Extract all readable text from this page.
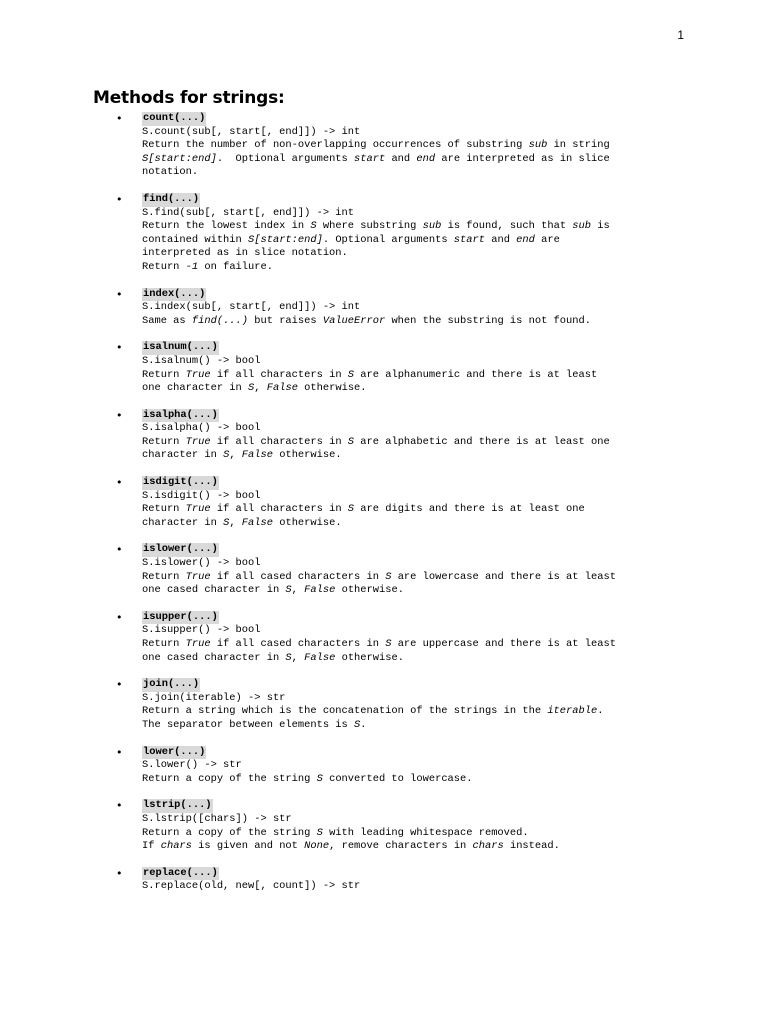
1
Methods for strings:
• count(...)
S.count(sub[, start[, end]]) -> int
Return the number of non-overlapping occurrences of substring sub in string
S[start:end].  Optional arguments start and end are interpreted as in slice
notation.
• find(...)
S.find(sub[, start[, end]]) -> int
Return the lowest index in S where substring sub is found, such that sub is
contained within S[start:end]. Optional arguments start and end are
interpreted as in slice notation.
Return -1 on failure.
• index(...)
S.index(sub[, start[, end]]) -> int
Same as find(...) but raises ValueError when the substring is not found.
• isalnum(...)
S.isalnum() -> bool
Return True if all characters in S are alphanumeric and there is at least
one character in S, False otherwise.
• isalpha(...)
S.isalpha() -> bool
Return True if all characters in S are alphabetic and there is at least one
character in S, False otherwise.
• isdigit(...)
S.isdigit() -> bool
Return True if all characters in S are digits and there is at least one
character in S, False otherwise.
• islower(...)
S.islower() -> bool
Return True if all cased characters in S are lowercase and there is at least
one cased character in S, False otherwise.
• isupper(...)
S.isupper() -> bool
Return True if all cased characters in S are uppercase and there is at least
one cased character in S, False otherwise.
• join(...)
S.join(iterable) -> str
Return a string which is the concatenation of the strings in the iterable.
The separator between elements is S.
• lower(...)
S.lower() -> str
Return a copy of the string S converted to lowercase.
• lstrip(...)
S.lstrip([chars]) -> str
Return a copy of the string S with leading whitespace removed.
If chars is given and not None, remove characters in chars instead.
• replace(...)
S.replace(old, new[, count]) -> str
